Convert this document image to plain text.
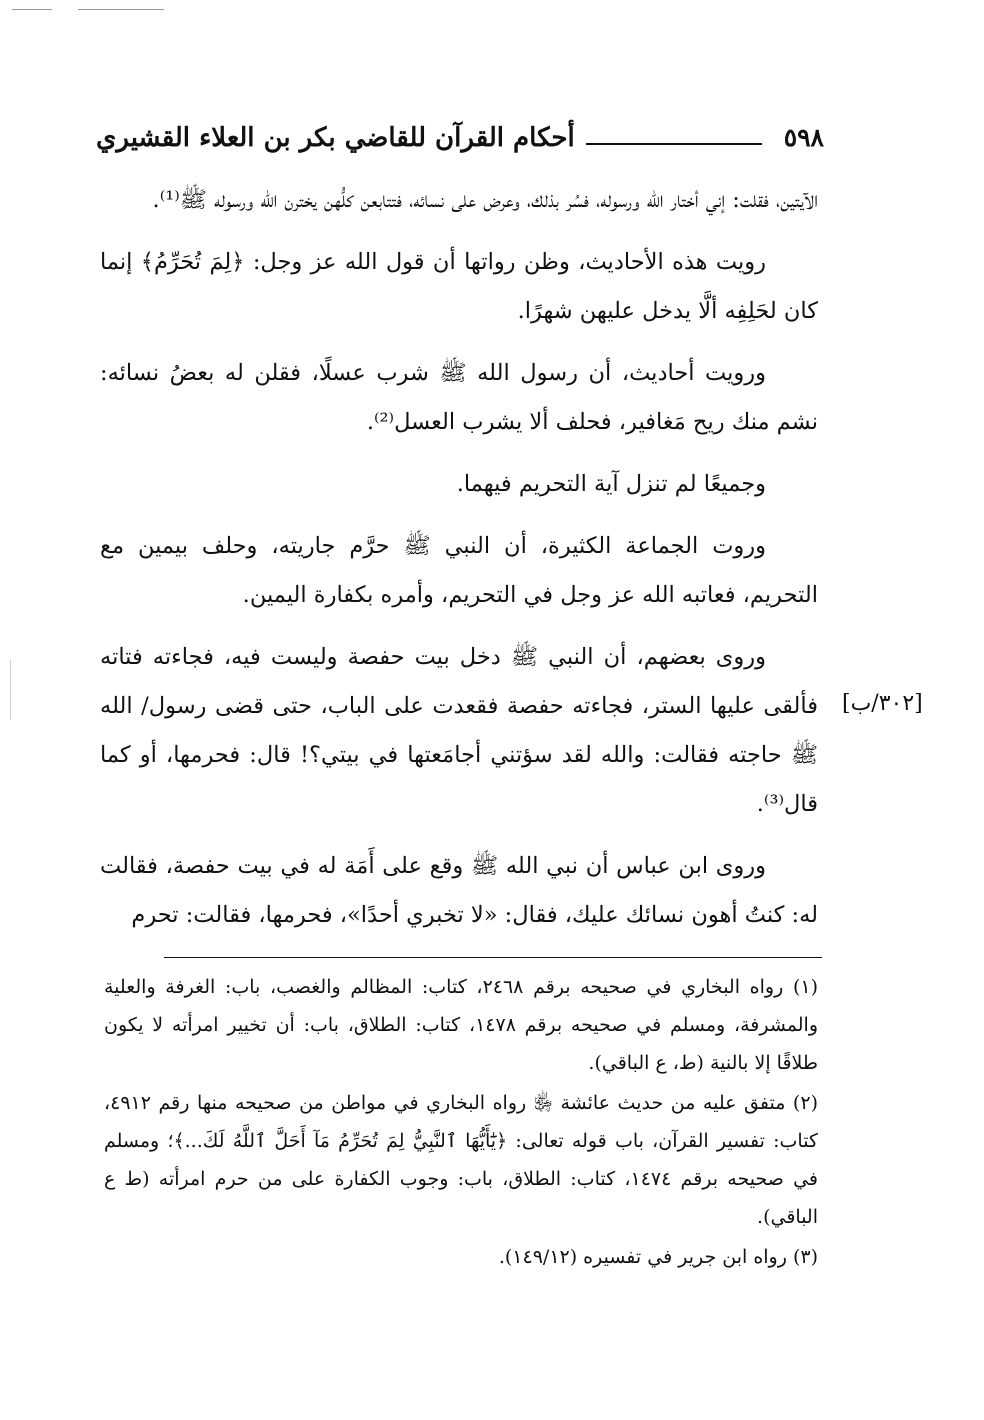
٥٩٨
أحكام القرآن للقاضي بكر بن العلاء القشيري

الآيتين، فقلت: إني أختار الله ورسوله، فسُر بذلك، وعرض على نسائه، فتتابعن كلُّهن يخترن الله ورسوله ﷺ⁽¹⁾.

رويت هذه الأحاديث، وظن رواتها أن قول الله عز وجل: ﴿لِمَ تُحَرِّمُ﴾ إنما كان لحَلِفِه ألَّا يدخل عليهن شهرًا.

ورويت أحاديث، أن رسول الله ﷺ شرب عسلًا، فقلن له بعضُ نسائه: نشم منك ريح مَغافير، فحلف ألا يشرب العسل⁽²⁾.

وجميعًا لم تنزل آية التحريم فيهما.

وروت الجماعة الكثيرة، أن النبي ﷺ حرَّم جاريته، وحلف بيمين مع التحريم، فعاتبه الله عز وجل في التحريم، وأمره بكفارة اليمين.

وروى بعضهم، أن النبي ﷺ دخل بيت حفصة وليست فيه، فجاءته فتاته فألقى عليها الستر، فجاءته حفصة فقعدت على الباب، حتى قضى رسول/ الله ﷺ حاجته فقالت: والله لقد سؤتني أجامَعتها في بيتي؟! قال: فحرمها، أو كما قال⁽³⁾.

وروى ابن عباس أن نبي الله ﷺ وقع على أَمَة له في بيت حفصة، فقالت له: كنتُ أهون نسائك عليك، فقال: «لا تخبري أحدًا»، فحرمها، فقالت: تحرم

[٣٠٢/ب]

(١) رواه البخاري في صحيحه برقم ٢٤٦٨، كتاب: المظالم والغصب، باب: الغرفة والعلية والمشرفة، ومسلم في صحيحه برقم ١٤٧٨، كتاب: الطلاق، باب: أن تخيير امرأته لا يكون طلاقًا إلا بالنية (ط، ع الباقي).

(٢) متفق عليه من حديث عائشة ﵂ رواه البخاري في مواطن من صحيحه منها رقم ٤٩١٢، كتاب: تفسير القرآن، باب قوله تعالى: ﴿يَٰٓأَيُّهَا ٱلنَّبِيُّ لِمَ تُحَرِّمُ مَآ أَحَلَّ ٱللَّهُ لَكَ...﴾؛ ومسلم في صحيحه برقم ١٤٧٤، كتاب: الطلاق، باب: وجوب الكفارة على من حرم امرأته (ط ع الباقي).

(٣) رواه ابن جرير في تفسيره (١٤٩/١٢).
